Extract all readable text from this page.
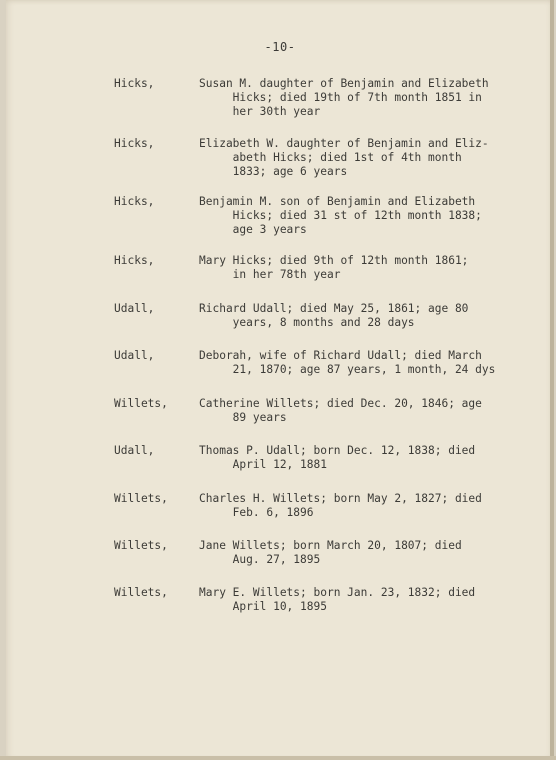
-10-
Hicks,	Susan M. daughter of Benjamin and Elizabeth
Hicks; died 19th of 7th month 1851 in
her 30th year
Hicks,	Elizabeth W. daughter of Benjamin and Eliz-
abeth Hicks; died 1st of 4th month
1833; age 6 years
Hicks,	Benjamin M. son of Benjamin and Elizabeth
Hicks; died 31 st of 12th month 1838;
age 3 years
Hicks,	Mary Hicks; died 9th of 12th month 1861;
in her 78th year
Udall,	Richard Udall; died May 25, 1861; age 80
years, 8 months and 28 days
Udall,	Deborah, wife of Richard Udall; died March
21, 1870; age 87 years, 1 month, 24 dys
Willets,	Catherine Willets; died Dec. 20, 1846; age
89 years
Udall,	Thomas P. Udall; born Dec. 12, 1838; died
April 12, 1881
Willets,	Charles H. Willets; born May 2, 1827; died
Feb. 6, 1896
Willets,	Jane Willets; born March 20, 1807; died
Aug. 27, 1895
Willets,	Mary E. Willets; born Jan. 23, 1832; died
April 10, 1895
